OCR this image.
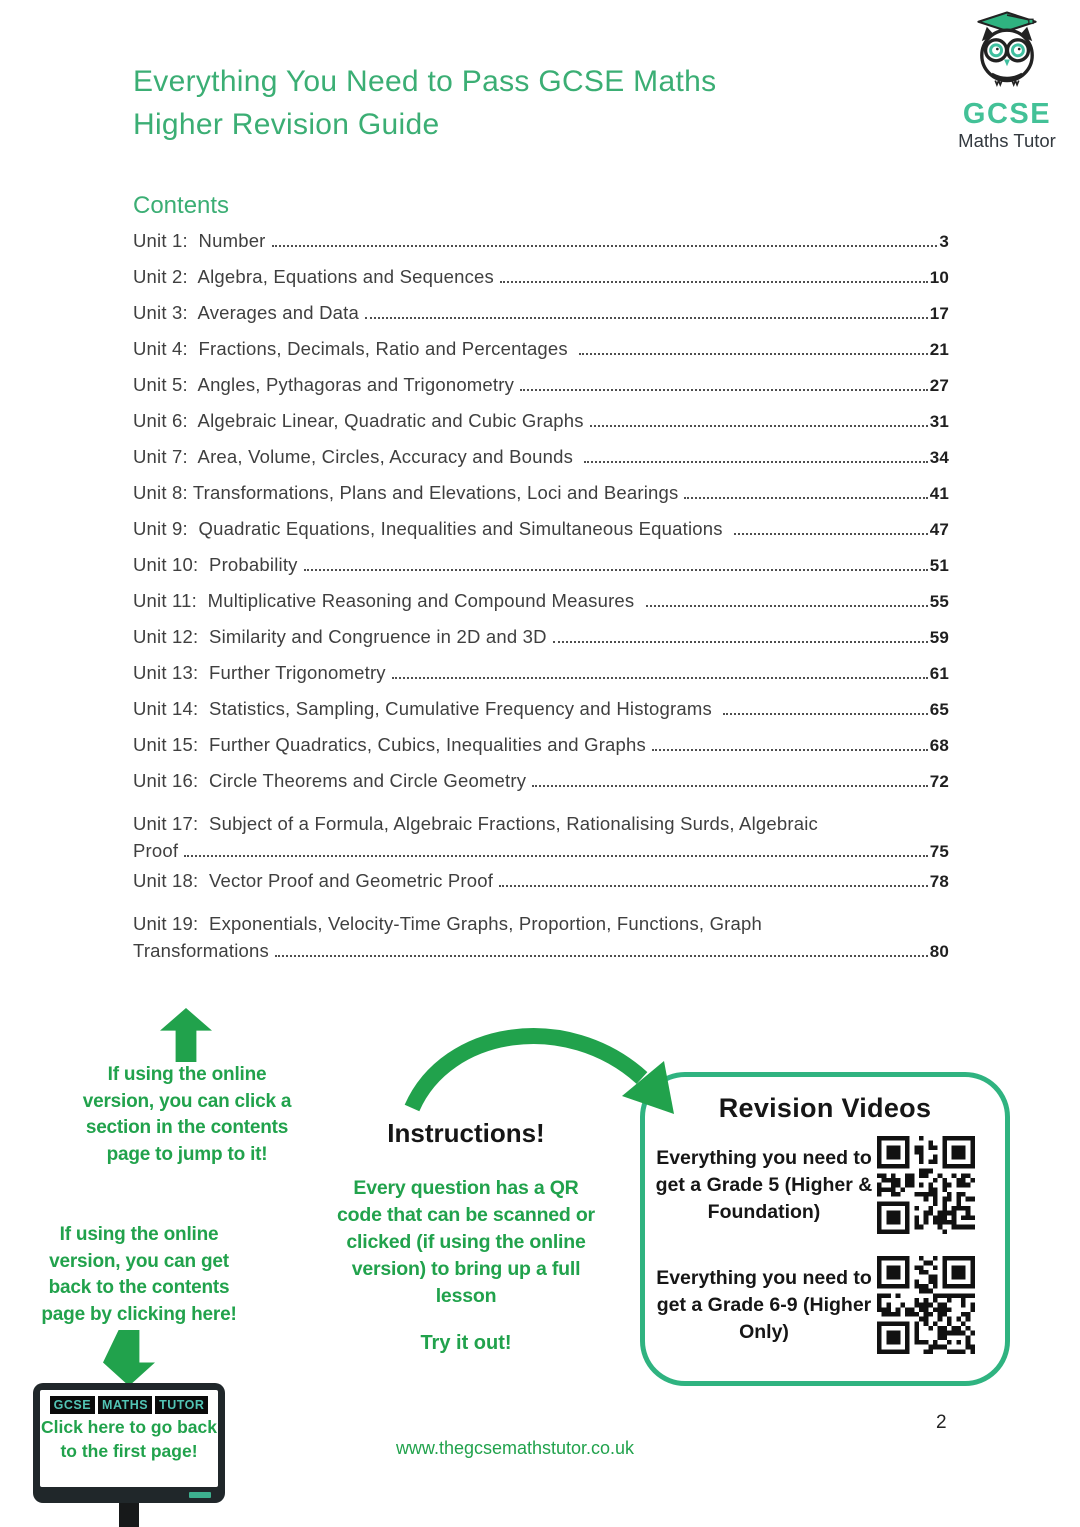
Everything You Need to Pass GCSE Maths
Higher Revision Guide	GCSE
Maths Tutor
Contents
Unit 1:  Number	3
Unit 2:  Algebra, Equations and Sequences	10
Unit 3:  Averages and Data	17
Unit 4:  Fractions, Decimals, Ratio and Percentages	21
Unit 5:  Angles, Pythagoras and Trigonometry	27
Unit 6:  Algebraic Linear, Quadratic and Cubic Graphs	31
Unit 7:  Area, Volume, Circles, Accuracy and Bounds	34
Unit 8: Transformations, Plans and Elevations, Loci and Bearings	41
Unit 9:  Quadratic Equations, Inequalities and Simultaneous Equations	47
Unit 10:  Probability	51
Unit 11:  Multiplicative Reasoning and Compound Measures	55
Unit 12:  Similarity and Congruence in 2D and 3D	59
Unit 13:  Further Trigonometry	61
Unit 14:  Statistics, Sampling, Cumulative Frequency and Histograms	65
Unit 15:  Further Quadratics, Cubics, Inequalities and Graphs	68
Unit 16:  Circle Theorems and Circle Geometry	72
Unit 17:  Subject of a Formula, Algebraic Fractions, Rationalising Surds, Algebraic
Proof	75
Unit 18:  Vector Proof and Geometric Proof	78
Unit 19:  Exponentials, Velocity-Time Graphs, Proportion, Functions, Graph
Transformations	80
If using the online version, you can click a section in the contents page to jump to it!
If using the online version, you can get back to the contents page by clicking here!
GCSE MATHS TUTOR
Click here to go back to the first page!
Instructions!
Every question has a QR code that can be scanned or clicked (if using the online version) to bring up a full lesson
Try it out!
Revision Videos
Everything you need to get a Grade 5 (Higher & Foundation)
Everything you need to get a Grade 6-9 (Higher Only)
www.thegcsemathstutor.co.uk
2
